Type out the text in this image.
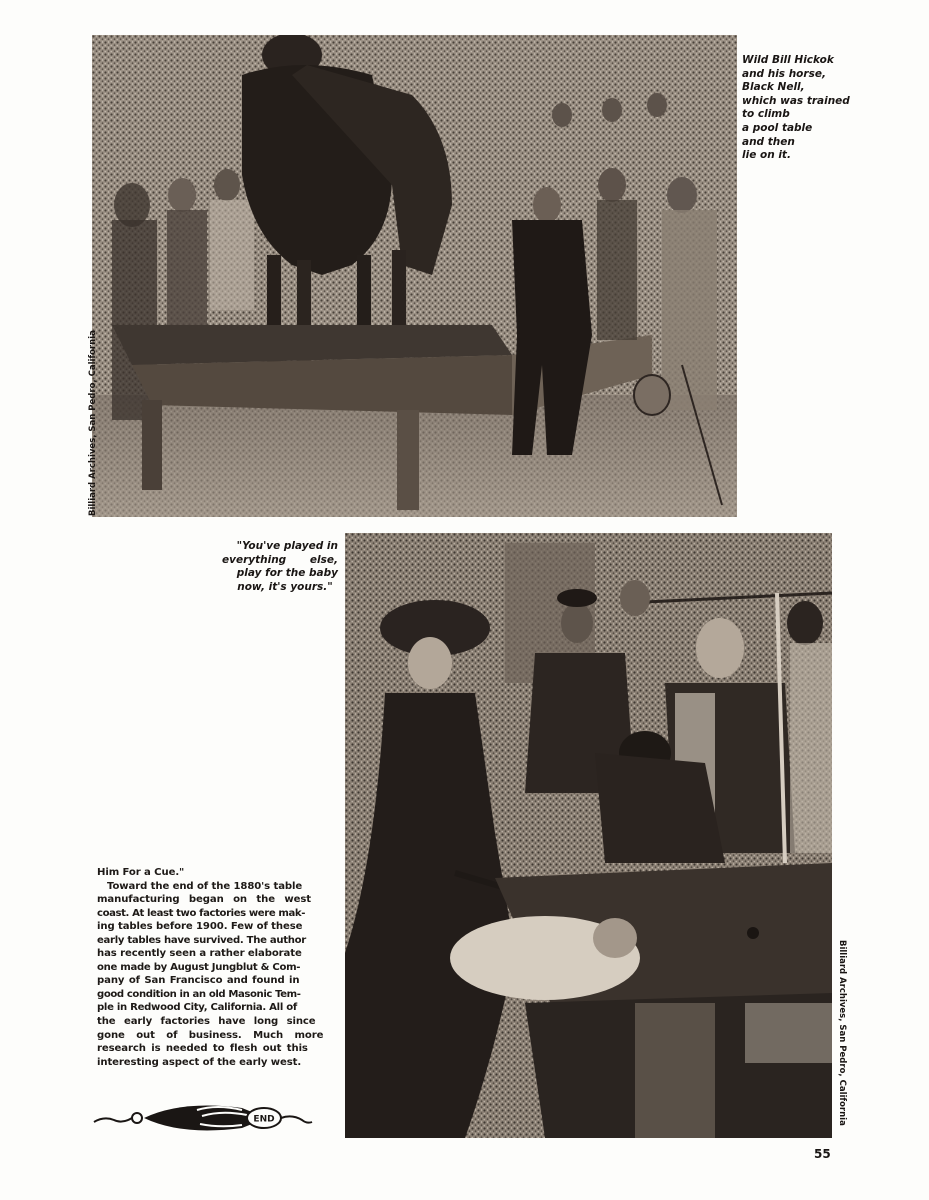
Billiard Archives, San Pedro, California
Wild Bill Hickok
and his horse,
Black Nell,
which was trained
to climb
a pool table
and then
lie on it.
"You've played in
everything else,
play for the baby
now, it's yours."
Billiard Archives, San Pedro, California
Him For a Cue."
Toward the end of the 1880's table
manufacturing began on the west
coast. At least two factories were mak-
ing tables before 1900. Few of these
early tables have survived. The author
has recently seen a rather elaborate
one made by August Jungblut & Com-
pany of San Francisco and found in
good condition in an old Masonic Tem-
ple in Redwood City, California. All of
the early factories have long since
gone out of business. Much more
research is needed to flesh out this
interesting aspect of the early west.
END
55
